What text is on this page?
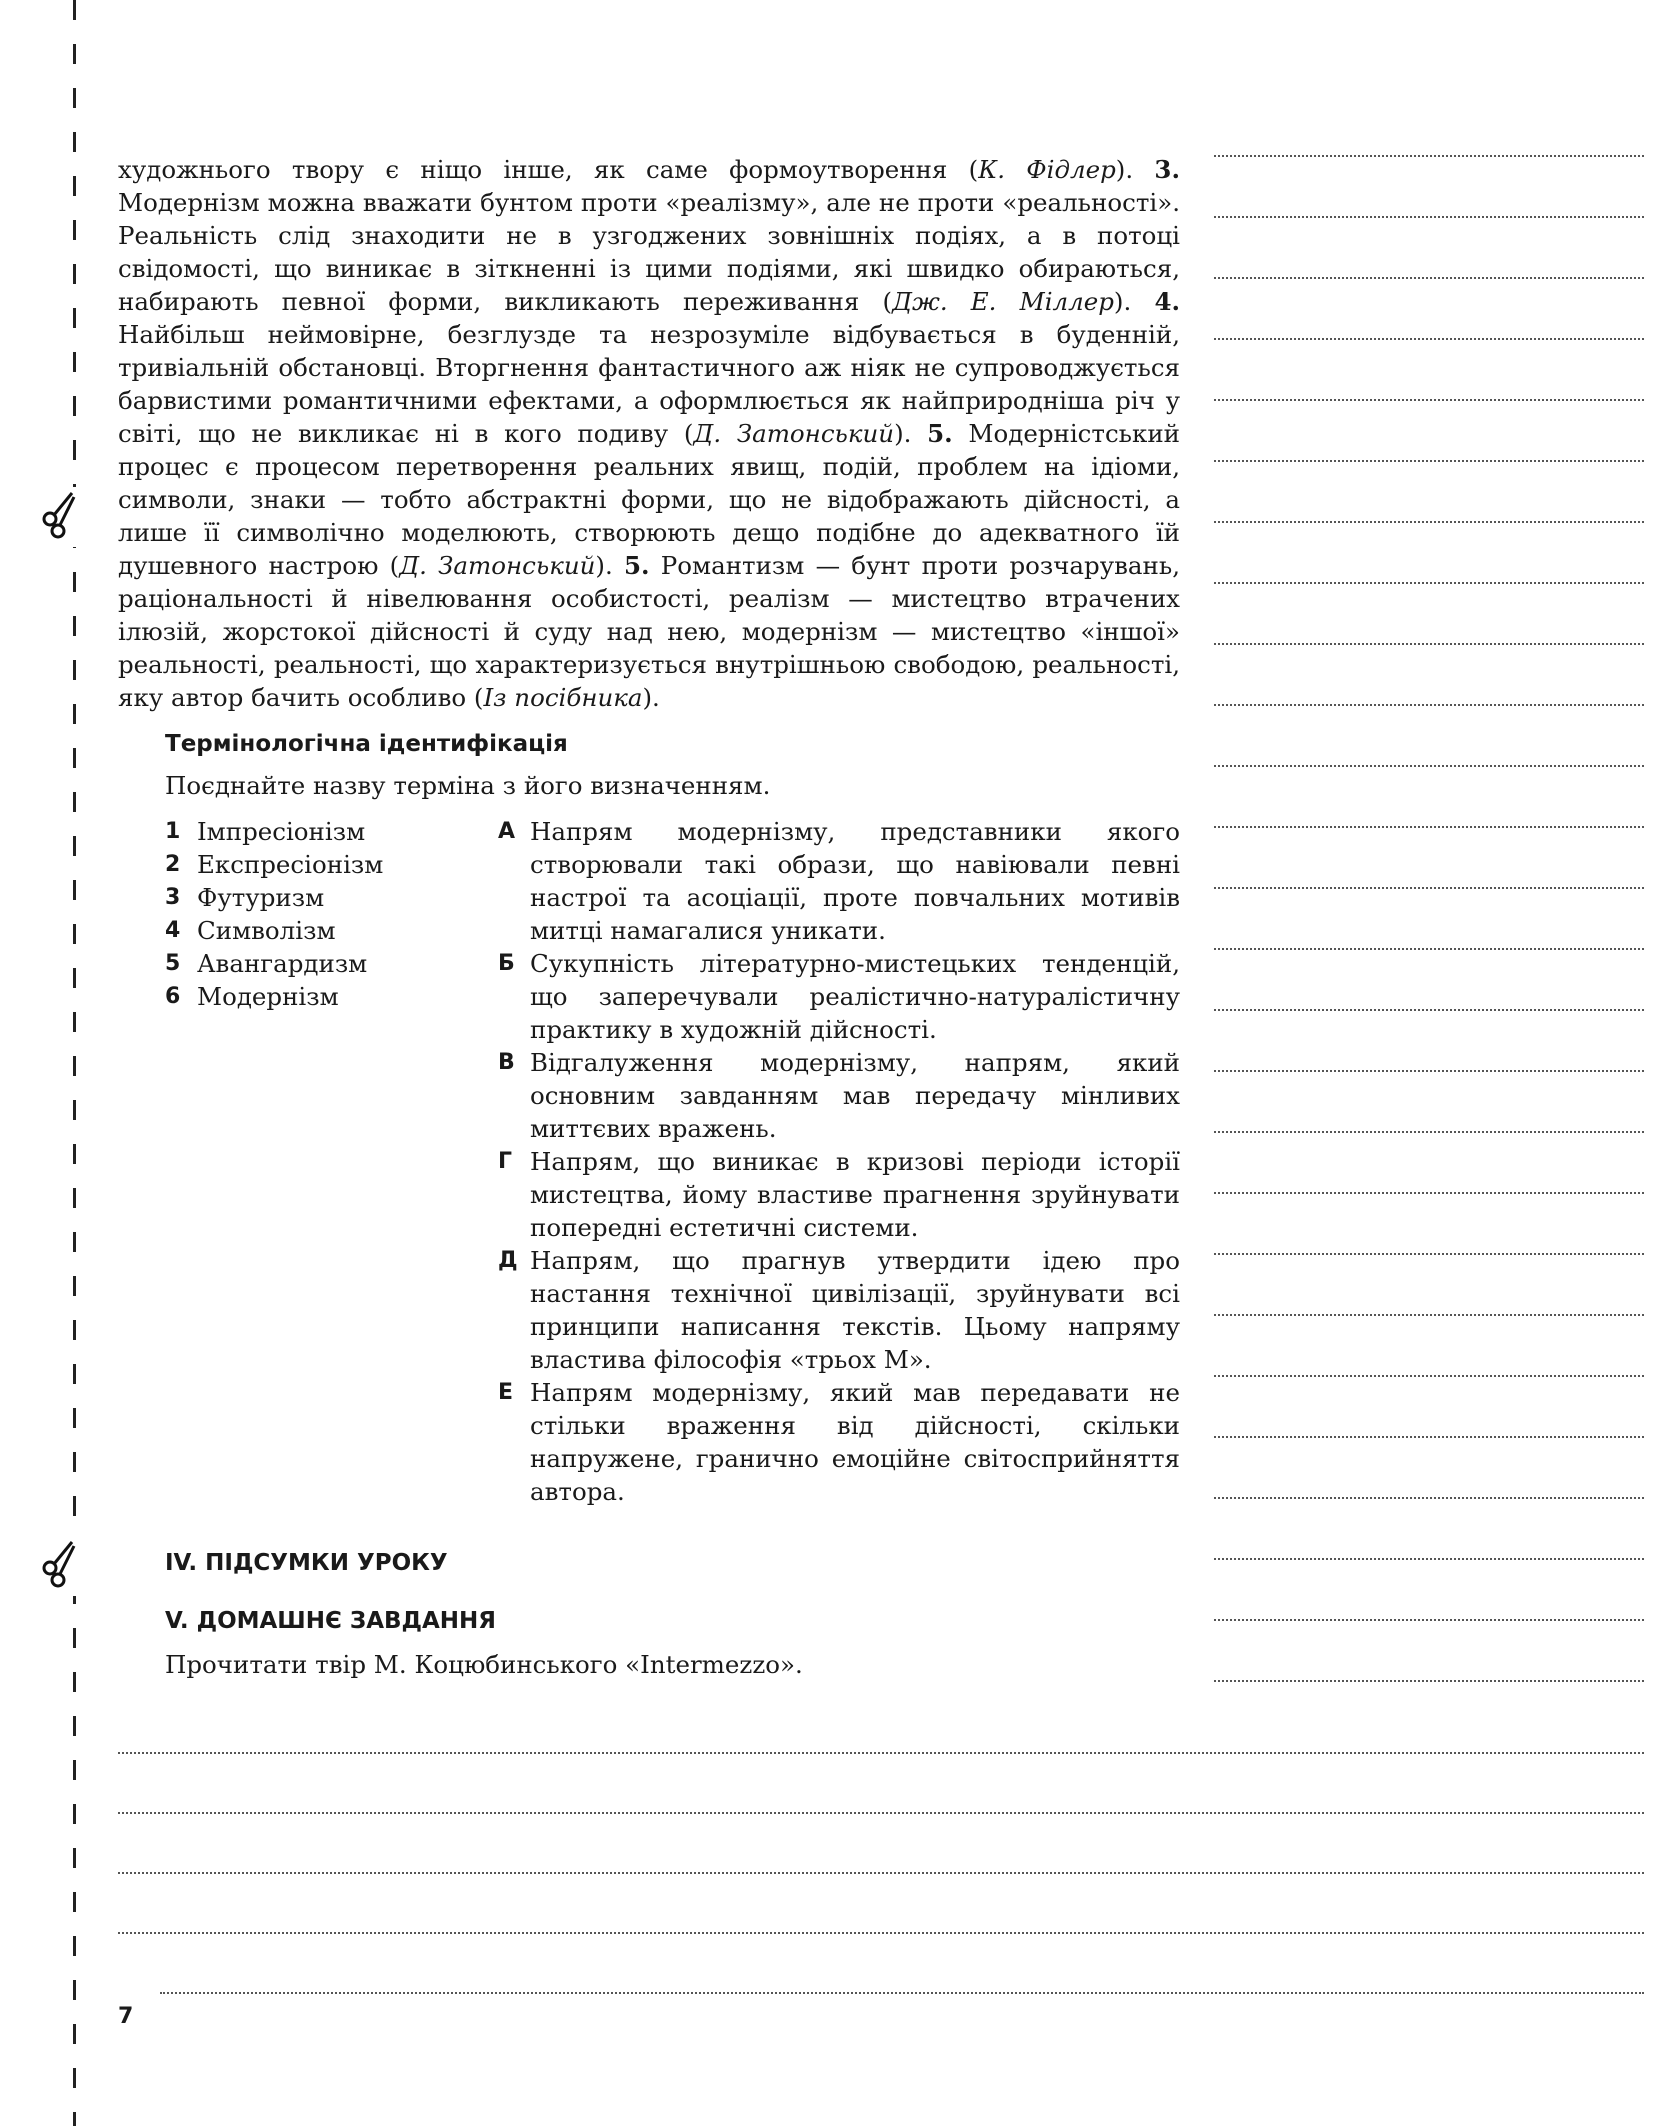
художнього твору є ніщо інше, як саме формоутворення (К. Фідлер). 3. Модернізм можна вважати бунтом проти «реалізму», але не проти «реальності». Реальність слід знаходити не в узгоджених зовнішніх подіях, а в потоці свідомості, що виникає в зіткненні із цими подіями, які швидко обираються, набирають певної форми, викликають переживання (Дж. Е. Міллер). 4. Найбільш неймовірне, безглузде та незрозуміле відбувається в буденній, тривіальній обстановці. Вторгнення фантастичного аж ніяк не супроводжується барвистими романтичними ефектами, а оформлюється як найприродніша річ у світі, що не викликає ні в кого подиву (Д. Затонський). 5. Модерністський процес є процесом перетворення реальних явищ, подій, проблем на ідіоми, символи, знаки — тобто абстрактні форми, що не відображають дійсності, а лише її символічно моделюють, створюють дещо подібне до адекватного їй душевного настрою (Д. Затонський). 5. Романтизм — бунт проти розчарувань, раціональності й нівелювання особистості, реалізм — мистецтво втрачених ілюзій, жорстокої дійсності й суду над нею, модернізм — мистецтво «іншої» реальності, реальності, що характеризується внутрішньою свободою, реальності, яку автор бачить особливо (Із посібника).

Термінологічна ідентифікація

Поєднайте назву терміна з його визначенням.

1 Імпресіонізм
2 Експресіонізм
3 Футуризм
4 Символізм
5 Авангардизм
6 Модернізм
А Напрям модернізму, представники якого створювали такі образи, що навіювали певні настрої та асоціації, проте повчальних мотивів митці намагалися уникати.
Б Сукупність літературно-мистецьких тенденцій, що заперечували реалістично-натуралістичну практику в художній дійсності.
В Відгалуження модернізму, напрям, який основним завданням мав передачу мінливих миттєвих вражень.
Г Напрям, що виникає в кризові періоди історії мистецтва, йому властиве прагнення зруйнувати попередні естетичні системи.
Д Напрям, що прагнув утвердити ідею про настання технічної цивілізації, зруйнувати всі принципи написання текстів. Цьому напряму властива філософія «трьох М».
Е Напрям модернізму, який мав передавати не стільки враження від дійсності, скільки напружене, гранично емоційне світосприйняття автора.
IV. ПІДСУМКИ УРОКУ
V. ДОМАШНЄ ЗАВДАННЯ

Прочитати твір М. Коцюбинського «Intermezzo».

7
